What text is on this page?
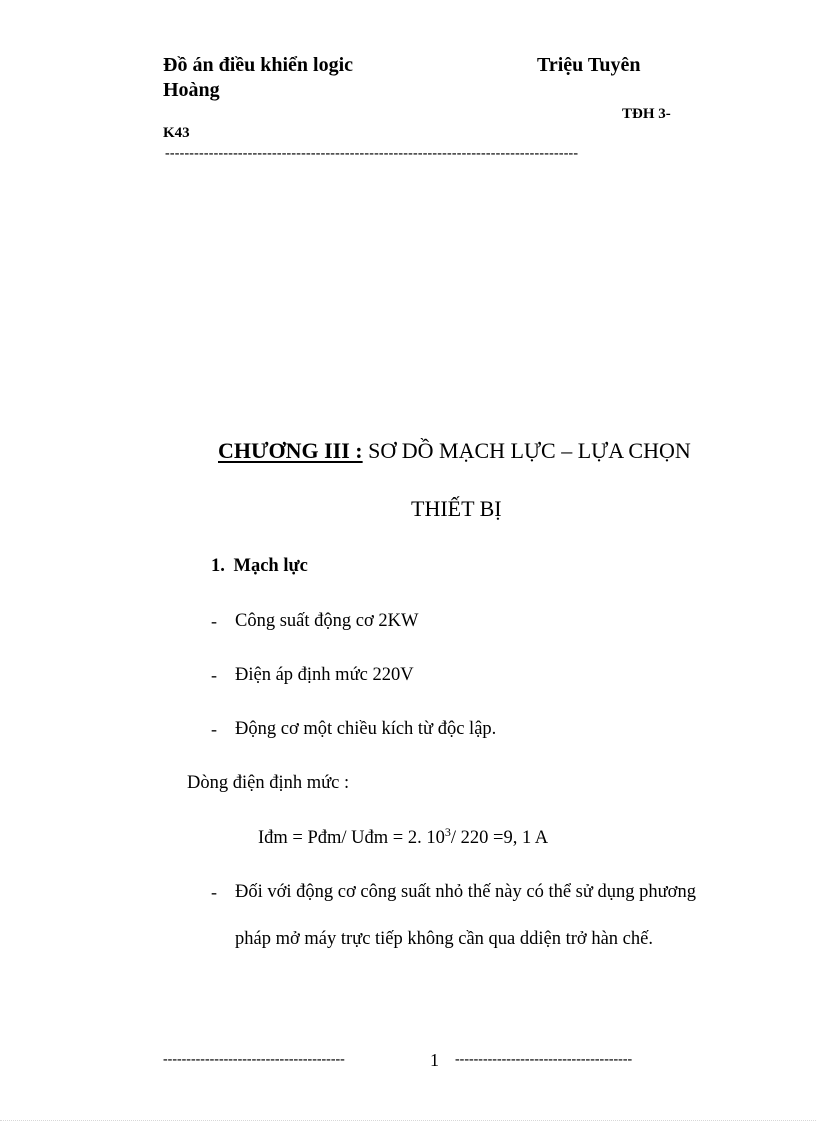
Đồ án điều khiển logic	Triệu Tuyên
Hoàng
TĐH 3-
K43
-------------------------------------------------------------------------------------
CHƯƠNG III : SƠ DỒ MẠCH LỰC – LỰA CHỌN
THIẾT BỊ
1. Mạch lực
- Công suất động cơ 2KW
- Điện áp định mức 220V
- Động cơ một chiều kích từ độc lập.
Dòng điện định mức :
Iđm = Pđm/ Uđm = 2. $10^3/$ 220 =9, 1 A
- Đối với động cơ công suất nhỏ thế này có thể sử dụng phương
pháp mở máy trực tiếp không cần qua ddiện trở hàn chế.
---------------------------------------	1 --------------------------------------
